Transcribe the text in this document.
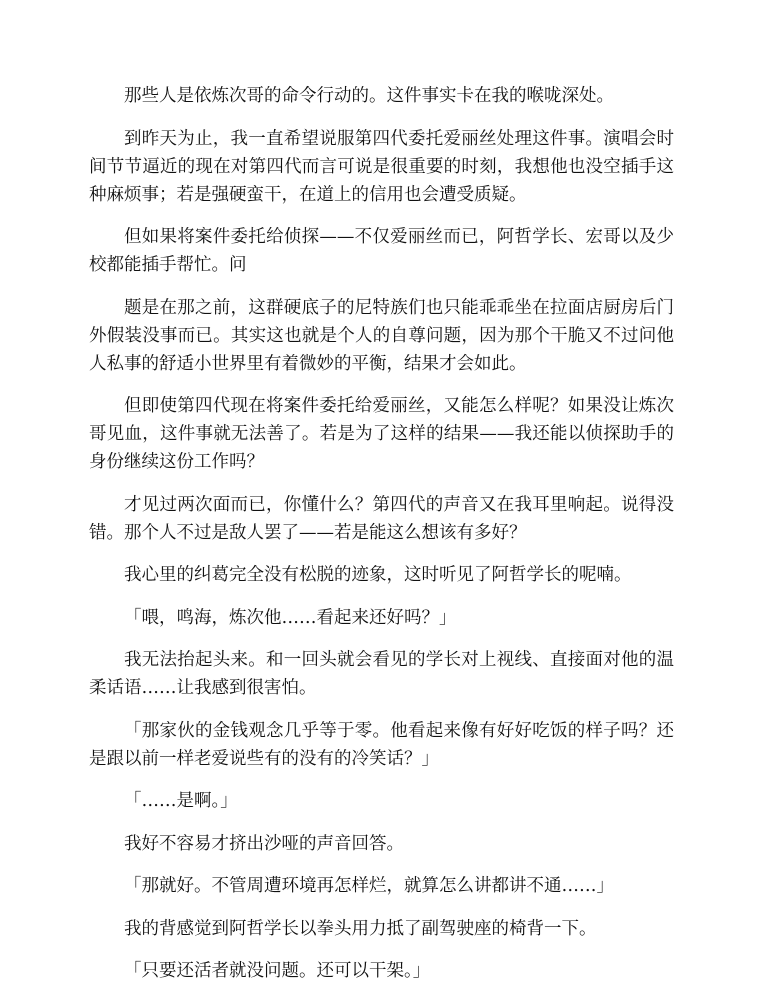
那些人是依炼次哥的命令行动的。这件事实卡在我的喉咙深处。

到昨天为止，我一直希望说服第四代委托爱丽丝处理这件事。演唱会时间节节逼近的现在对第四代而言可说是很重要的时刻，我想他也没空插手这种麻烦事；若是强硬蛮干，在道上的信用也会遭受质疑。

但如果将案件委托给侦探——不仅爱丽丝而已，阿哲学长、宏哥以及少校都能插手帮忙。问

题是在那之前，这群硬底子的尼特族们也只能乖乖坐在拉面店厨房后门外假装没事而已。其实这也就是个人的自尊问题，因为那个干脆又不过问他人私事的舒适小世界里有着微妙的平衡，结果才会如此。

但即使第四代现在将案件委托给爱丽丝，又能怎么样呢？如果没让炼次哥见血，这件事就无法善了。若是为了这样的结果——我还能以侦探助手的身份继续这份工作吗？

才见过两次面而已，你懂什么？第四代的声音又在我耳里响起。说得没错。那个人不过是敌人罢了——若是能这么想该有多好？

我心里的纠葛完全没有松脱的迹象，这时听见了阿哲学长的呢喃。

「喂，鸣海，炼次他……看起来还好吗？」

我无法抬起头来。和一回头就会看见的学长对上视线、直接面对他的温柔话语……让我感到很害怕。

「那家伙的金钱观念几乎等于零。他看起来像有好好吃饭的样子吗？还是跟以前一样老爱说些有的没有的冷笑话？」

「……是啊。」

我好不容易才挤出沙哑的声音回答。

「那就好。不管周遭环境再怎样烂，就算怎么讲都讲不通……」

我的背感觉到阿哲学长以拳头用力抵了副驾驶座的椅背一下。

「只要还活者就没问题。还可以干架。」
